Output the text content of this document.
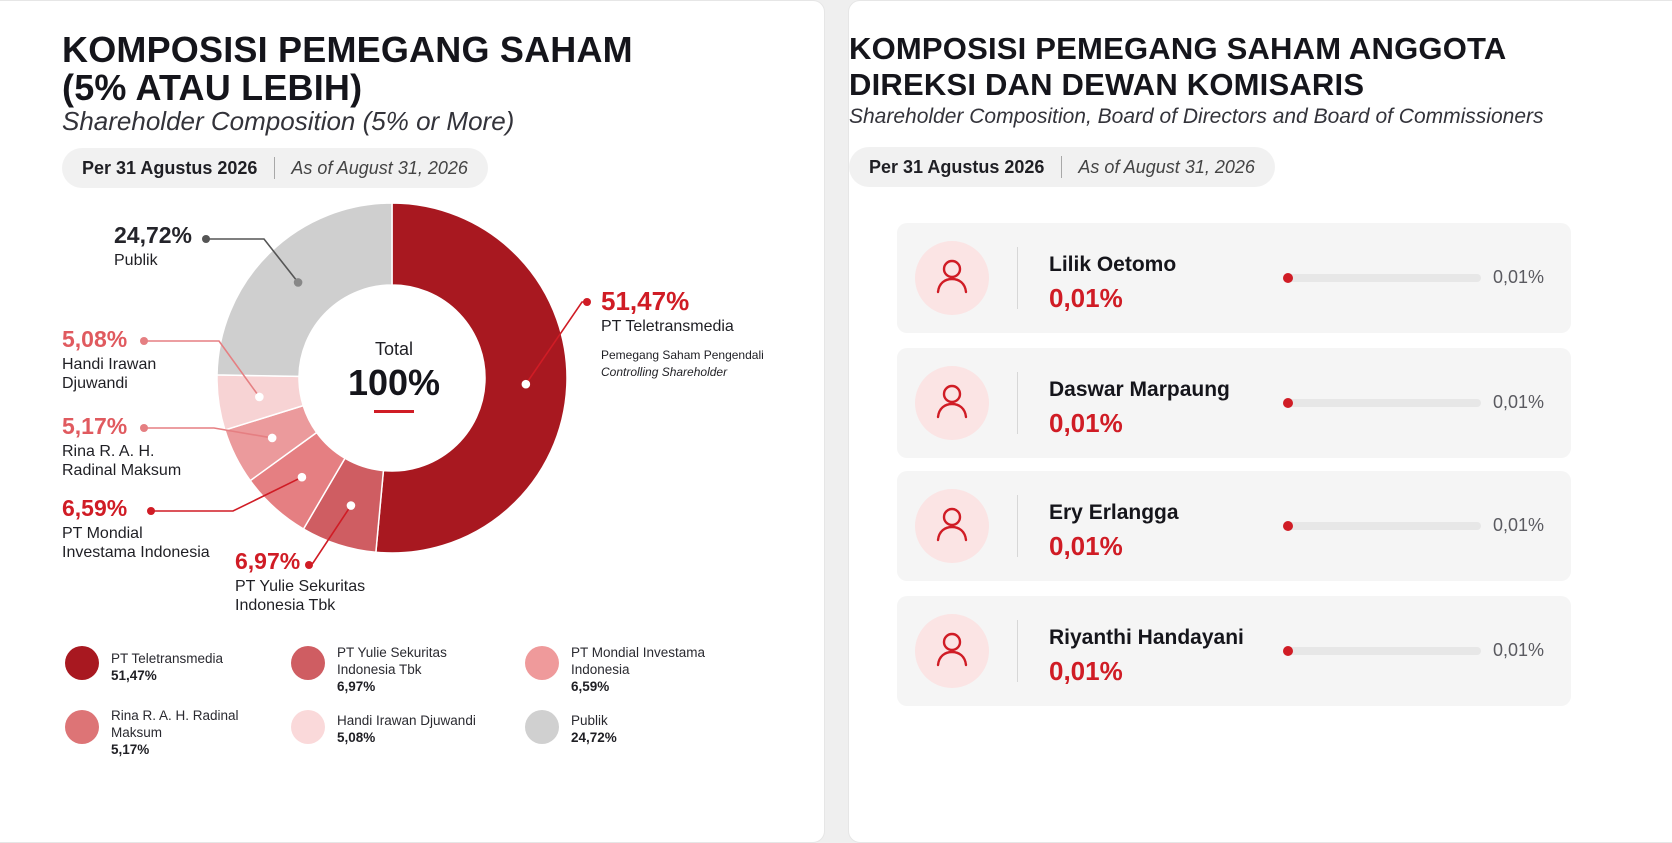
KOMPOSISI PEMEGANG SAHAM
(5% ATAU LEBIH)
Shareholder Composition (5% or More)
Per 31 Agustus 2026 As of August 31, 2026
Total
100%
24,72%
Publik
51,47%
PT Teletransmedia
Pemegang Saham Pengendali
Controlling Shareholder
5,08%
Handi Irawan
Djuwandi
5,17%
Rina R. A. H.
Radinal Maksum
6,59%
PT Mondial
Investama Indonesia 6,97%
PT Yulie Sekuritas
Indonesia Tbk
PT Teletransmedia
51,47%
PT Yulie Sekuritas
Indonesia Tbk
6,97%
PT Mondial Investama
Indonesia
6,59%
Rina R. A. H. Radinal
Maksum
5,17%
Handi Irawan Djuwandi
5,08%
Publik
24,72%
KOMPOSISI PEMEGANG SAHAM ANGGOTA
DIREKSI DAN DEWAN KOMISARIS
Shareholder Composition, Board of Directors and Board of Commissioners
Per 31 Agustus 2026 As of August 31, 2026
Lilik Oetomo
0,01%
0,01%
Daswar Marpaung
0,01%
0,01%
Ery Erlangga
0,01%
0,01%
Riyanthi Handayani
0,01%
0,01%
